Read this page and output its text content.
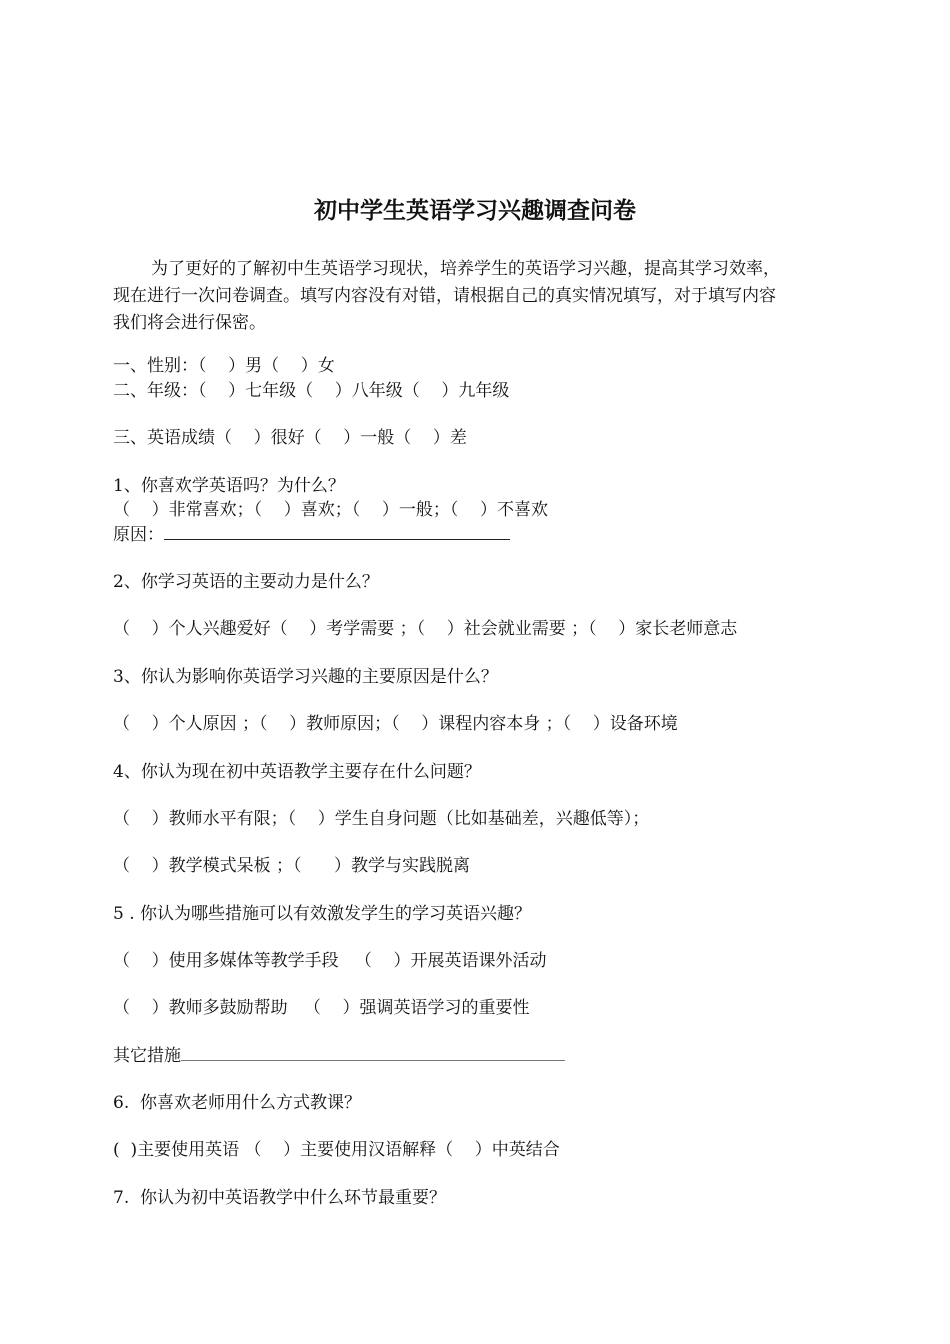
初中学生英语学习兴趣调查问卷
为了更好的了解初中生英语学习现状，培养学生的英语学习兴趣，提高其学习效率，
现在进行一次问卷调查。填写内容没有对错，请根据自己的真实情况填写，对于填写内容
我们将会进行保密。

一、性别：（    ）男（    ）女

二、年级：（    ）七年级（    ）八年级（    ）九年级

三、英语成绩（    ）很好（    ）一般（    ）差

1、你喜欢学英语吗？为什么？

（    ）非常喜欢；（    ）喜欢；（    ）一般；（    ）不喜欢

原因：

2、你学习英语的主要动力是什么？

（    ）个人兴趣爱好（    ）考学需要 ；（    ）社会就业需要 ；（    ）家长老师意志

3、你认为影响你英语学习兴趣的主要原因是什么？

（    ）个人原因 ；（    ）教师原因；（    ）课程内容本身 ；（    ）设备环境

4、你认为现在初中英语教学主要存在什么问题？

（    ）教师水平有限；（    ）学生自身问题（比如基础差，兴趣低等）；

（    ）教学模式呆板 ；（      ）教学与实践脱离

5 . 你认为哪些措施可以有效激发学生的学习英语兴趣？

（    ）使用多媒体等教学手段   （    ）开展英语课外活动

（    ）教师多鼓励帮助   （    ）强调英语学习的重要性

其它措施

6.  你喜欢老师用什么方式教课？

(  )主要使用英语 （    ）主要使用汉语解释（    ）中英结合

7.  你认为初中英语教学中什么环节最重要？
